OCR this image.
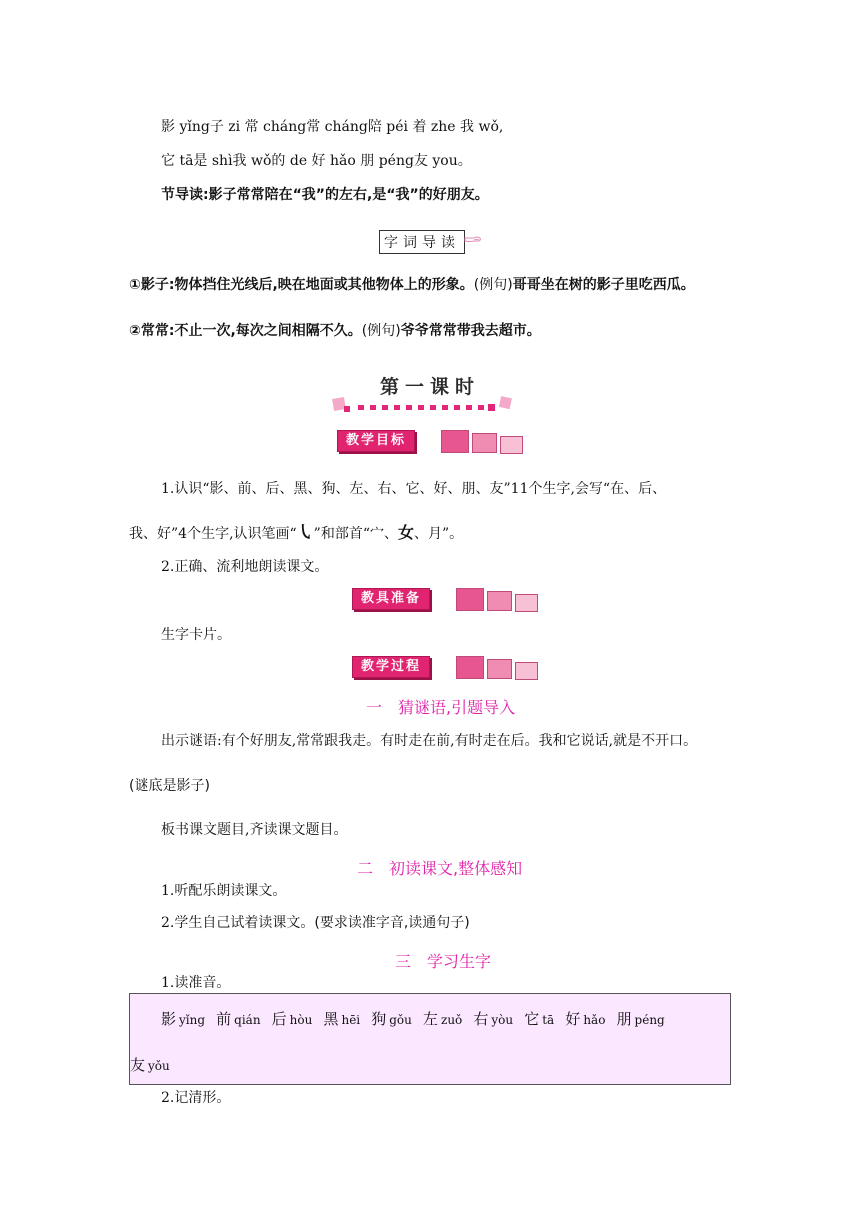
影 yǐng子 zi 常 cháng常 cháng陪 péi 着 zhe 我 wǒ,
它 tā是 shì我 wǒ的 de 好 hǎo 朋 péng友 you。
节导读:影子常常陪在“我”的左右,是“我”的好朋友。
字词导读
①影子:物体挡住光线后,映在地面或其他物体上的形象。(例句)哥哥坐在树的影子里吃西瓜。
②常常:不止一次,每次之间相隔不久。(例句)爷爷常常带我去超市。
第一课时
教学目标
1.认识“影、前、后、黑、狗、左、右、它、好、朋、友”11个生字,会写“在、后、
我、好”4个生字,认识笔画“㇂”和部首“宀、女、月”。
2.正确、流利地朗读课文。
教具准备
生字卡片。
教学过程
一　猜谜语,引题导入
出示谜语:有个好朋友,常常跟我走。有时走在前,有时走在后。我和它说话,就是不开口。
(谜底是影子)
板书课文题目,齐读课文题目。
二　初读课文,整体感知
1.听配乐朗读课文。
2.学生自己试着读课文。(要求读准字音,读通句子)
三　学习生字
1.读准音。
影 yǐng 前 qián 后 hòu 黑 hēi 狗 gǒu 左 zuǒ 右 yòu 它 tā 好 hǎo 朋 péng
友 yǒu
2.记清形。
